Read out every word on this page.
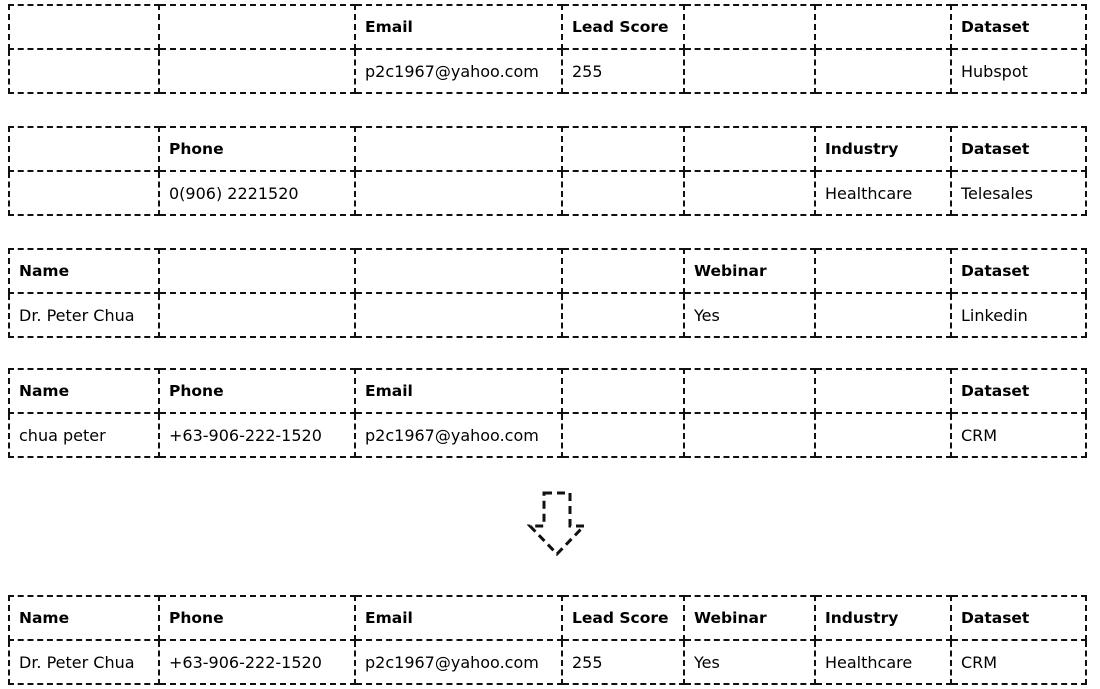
		Email	Lead Score			Dataset
		p2c1967@yahoo.com	255			Hubspot
	Phone				Industry	Dataset
	0(906) 2221520				Healthcare	Telesales
Name				Webinar		Dataset
Dr. Peter Chua				Yes		Linkedin
Name	Phone	Email				Dataset
chua peter	+63-906-222-1520	p2c1967@yahoo.com				CRM
Name	Phone	Email	Lead Score	Webinar	Industry	Dataset
Dr. Peter Chua	+63-906-222-1520	p2c1967@yahoo.com	255	Yes	Healthcare	CRM
